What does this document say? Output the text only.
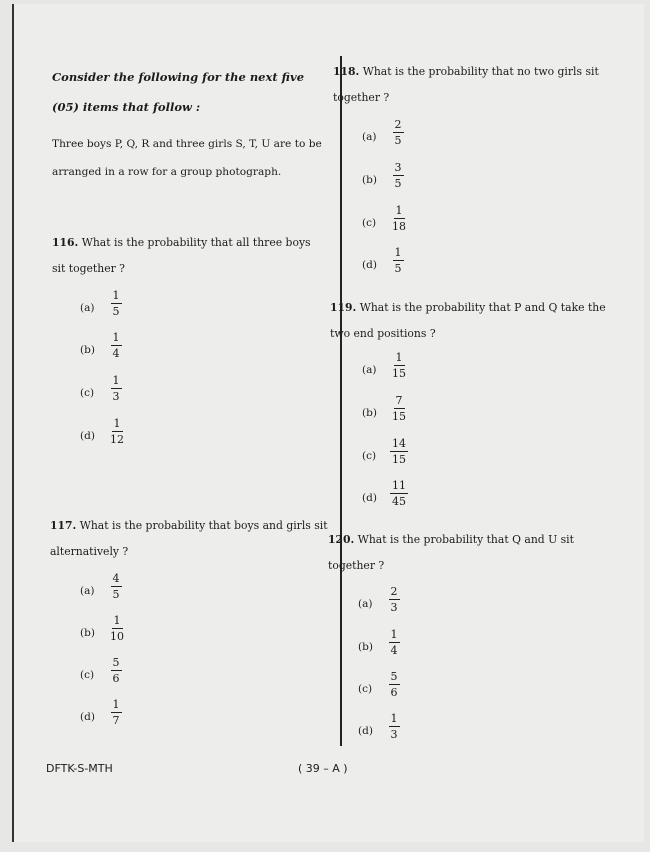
Consider the following for the next five (05) items that follow :
Three boys P, Q, R and three girls S, T, U are to be arranged in a row for a group photograph.
116. What is the probability that all three boys sit together ?
$(a) \frac{1}{5}$
$(b) \frac{1}{4}$
$(c) \frac{1}{3}$
$(d) \frac{1}{12}$
117. What is the probability that boys and girls sit alternatively ?
$(a) \frac{4}{5}$
$(b) \frac{1}{10}$
$(c) \frac{5}{6}$
$(d) \frac{1}{7}$
118. What is the probability that no two girls sit together ?
$(a) \frac{2}{5}$
$(b) \frac{3}{5}$
$(c) \frac{1}{18}$
$(d) \frac{1}{5}$
119. What is the probability that P and Q take the two end positions ?
$(a) \frac{1}{15}$
$(b) \frac{7}{15}$
$(c) \frac{14}{15}$
$(d) \frac{11}{45}$
120. What is the probability that Q and U sit together ?
$(a) \frac{2}{3}$
$(b) \frac{1}{4}$
$(c) \frac{5}{6}$
$(d) \frac{1}{3}$
DFTK-S-MTH	( 39 – A )
